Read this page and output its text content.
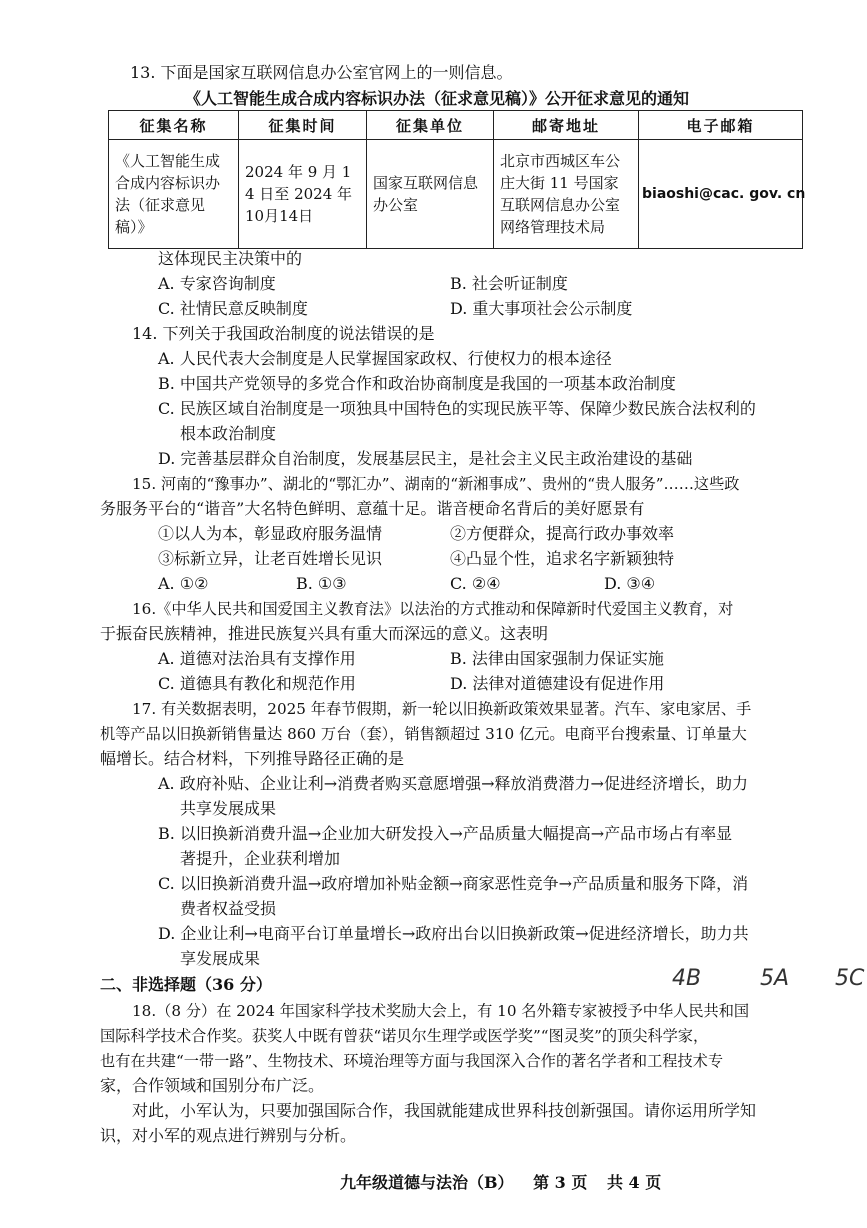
13. 下面是国家互联网信息办公室官网上的一则信息。
《人工智能生成合成内容标识办法（征求意见稿）》公开征求意见的通知
征集名称	征集时间	征集单位	邮寄地址	电子邮箱
《人工智能生成合成内容标识办法（征求意见稿）》	2024 年 9 月 14 日至 2024 年10月14日	国家互联网信息办公室	北京市西城区车公庄大街 11 号国家互联网信息办公室网络管理技术局	biaoshi@cac. gov. cn
这体现民主决策中的
A. 专家咨询制度	B. 社会听证制度
C. 社情民意反映制度	D. 重大事项社会公示制度
14. 下列关于我国政治制度的说法错误的是
A. 人民代表大会制度是人民掌握国家政权、行使权力的根本途径
B. 中国共产党领导的多党合作和政治协商制度是我国的一项基本政治制度
C. 民族区域自治制度是一项独具中国特色的实现民族平等、保障少数民族合法权利的
根本政治制度
D. 完善基层群众自治制度，发展基层民主，是社会主义民主政治建设的基础
15. 河南的“豫事办”、湖北的“鄂汇办”、湖南的“新湘事成”、贵州的“贵人服务”……这些政
务服务平台的“谐音”大名特色鲜明、意蕴十足。谐音梗命名背后的美好愿景有
①以人为本，彰显政府服务温情	②方便群众，提高行政办事效率
③标新立异，让老百姓增长见识	④凸显个性，追求名字新颖独特
A. ①②	B. ①③	C. ②④	D. ③④
16.《中华人民共和国爱国主义教育法》以法治的方式推动和保障新时代爱国主义教育，对
于振奋民族精神，推进民族复兴具有重大而深远的意义。这表明
A. 道德对法治具有支撑作用	B. 法律由国家强制力保证实施
C. 道德具有教化和规范作用	D. 法律对道德建设有促进作用
17. 有关数据表明，2025 年春节假期，新一轮以旧换新政策效果显著。汽车、家电家居、手
机等产品以旧换新销售量达 860 万台（套），销售额超过 310 亿元。电商平台搜索量、订单量大
幅增长。结合材料，下列推导路径正确的是
A. 政府补贴、企业让利→消费者购买意愿增强→释放消费潜力→促进经济增长，助力
共享发展成果
B. 以旧换新消费升温→企业加大研发投入→产品质量大幅提高→产品市场占有率显
著提升，企业获利增加
C. 以旧换新消费升温→政府增加补贴金额→商家恶性竞争→产品质量和服务下降，消
费者权益受损
D. 企业让利→电商平台订单量增长→政府出台以旧换新政策→促进经济增长，助力共
享发展成果
二、非选择题（36 分）	4B	5A 5C
18.（8 分）在 2024 年国家科学技术奖励大会上，有 10 名外籍专家被授予中华人民共和国
国际科学技术合作奖。获奖人中既有曾获“诺贝尔生理学或医学奖”“图灵奖”的顶尖科学家，
也有在共建“一带一路”、生物技术、环境治理等方面与我国深入合作的著名学者和工程技术专
家，合作领域和国别分布广泛。
对此，小军认为，只要加强国际合作，我国就能建成世界科技创新强国。请你运用所学知
识，对小军的观点进行辨别与分析。
九年级道德与法治（B） 第 3 页 共 4 页
